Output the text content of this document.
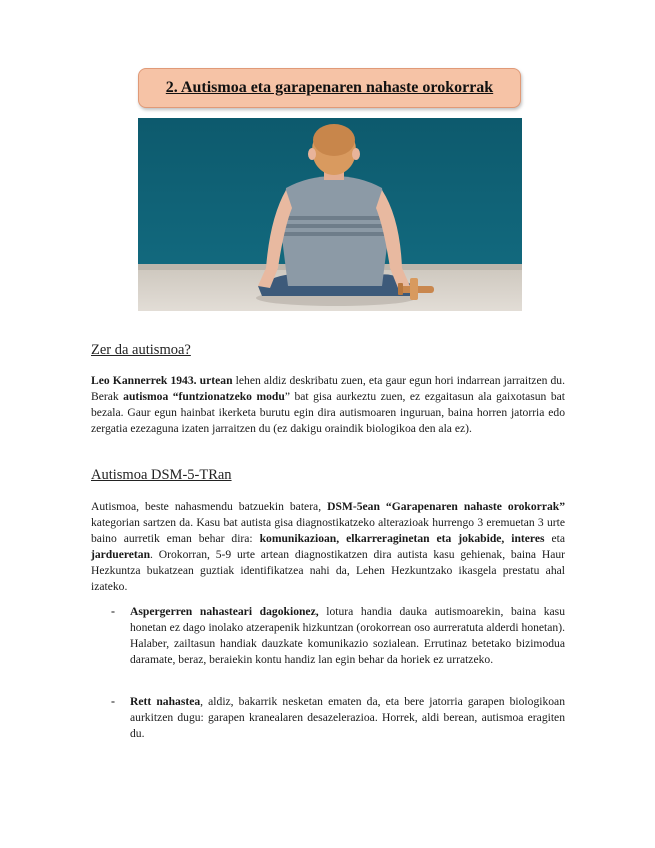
2. Autismoa eta garapenaren nahaste orokorrak
Zer da autismoa?

Leo Kannerrek 1943. urtean lehen aldiz deskribatu zuen, eta gaur egun hori indarrean jarraitzen du. Berak autismoa “funtzionatzeko modu” bat gisa aurkeztu zuen, ez ezgaitasun ala gaixotasun bat bezala. Gaur egun hainbat ikerketa burutu egin dira autismoaren inguruan, baina horren jatorria edo zergatia ezezaguna izaten jarraitzen du (ez dakigu oraindik biologikoa den ala ez).

Autismoa DSM-5-TRan

Autismoa, beste nahasmendu batzuekin batera, DSM-5ean “Garapenaren nahaste orokorrak” kategorian sartzen da. Kasu bat autista gisa diagnostikatzeko alterazioak hurrengo 3 eremuetan 3 urte baino aurretik eman behar dira: komunikazioan, elkarreraginetan eta jokabide, interes eta jardueretan. Orokorran, 5-9 urte artean diagnostikatzen dira autista kasu gehienak, baina Haur Hezkuntza bukatzean guztiak identifikatzea nahi da, Lehen Hezkuntzako ikasgela prestatu ahal izateko.

- Aspergerren nahasteari dagokionez, lotura handia dauka autismoarekin, baina kasu honetan ez dago inolako atzerapenik hizkuntzan (orokorrean oso aurreratuta alderdi honetan). Halaber, zailtasun handiak dauzkate komunikazio sozialean. Errutinaz betetako bizimodua daramate, beraz, beraiekin kontu handiz lan egin behar da horiek ez urratzeko.

- Rett nahastea, aldiz, bakarrik nesketan ematen da, eta bere jatorria garapen biologikoan aurkitzen dugu: garapen kranealaren desazelerazioa. Horrek, aldi berean, autismoa eragiten du.
